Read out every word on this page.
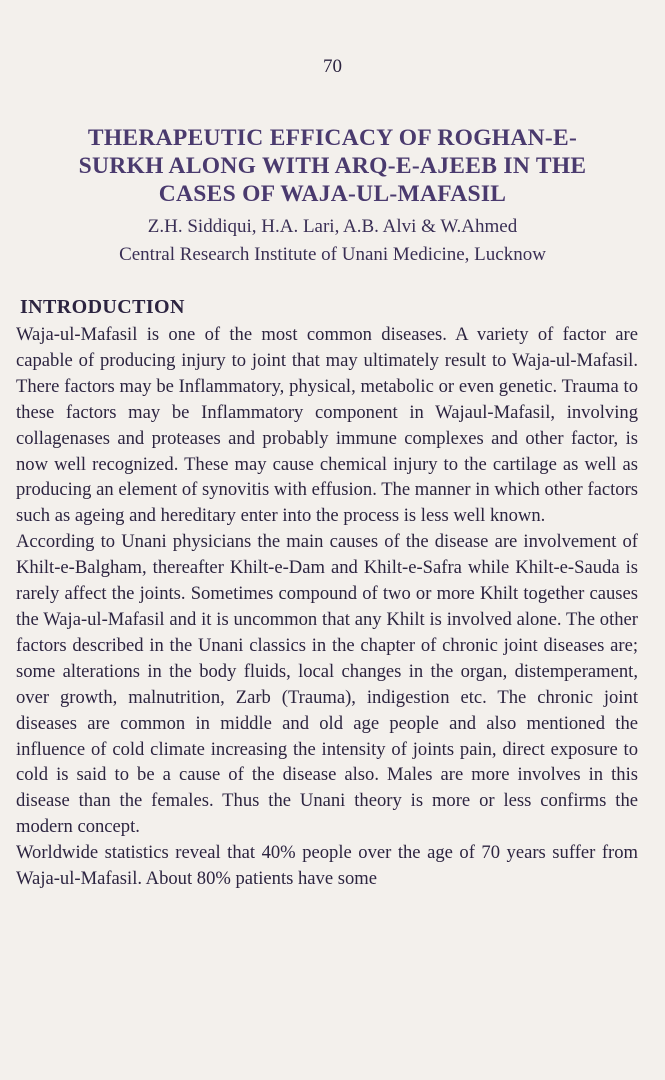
70
THERAPEUTIC EFFICACY OF ROGHAN-E-
SURKH ALONG WITH ARQ-E-AJEEB IN THE
CASES OF WAJA-UL-MAFASIL
Z.H. Siddiqui, H.A. Lari, A.B. Alvi & W.Ahmed
Central Research Institute of Unani Medicine, Lucknow
INTRODUCTION

Waja-ul-Mafasil is one of the most common diseases. A variety of factor are capable of producing injury to joint that may ultimately result to Waja-ul-Mafasil. There factors may be Inflammatory, physical, metabolic or even genetic. Trauma to these factors may be Inflammatory component in Wajaul-Mafasil, involving collagenases and proteases and probably immune complexes and other factor, is now well recognized. These may cause chemical injury to the cartilage as well as producing an element of synovitis with effusion. The manner in which other factors such as ageing and hereditary enter into the process is less well known.

According to Unani physicians the main causes of the disease are involvement of Khilt-e-Balgham, thereafter Khilt-e-Dam and Khilt-e-Safra while Khilt-e-Sauda is rarely affect the joints. Sometimes compound of two or more Khilt together causes the Waja-ul-Mafasil and it is uncommon that any Khilt is involved alone. The other factors described in the Unani classics in the chapter of chronic joint diseases are; some alterations in the body fluids, local changes in the organ, distemperament, over growth, malnutrition, Zarb (Trauma), indigestion etc. The chronic joint diseases are common in middle and old age people and also mentioned the influence of cold climate increasing the intensity of joints pain, direct exposure to cold is said to be a cause of the disease also. Males are more involves in this disease than the females. Thus the Unani theory is more or less confirms the modern concept.

Worldwide statistics reveal that 40% people over the age of 70 years suffer from Waja-ul-Mafasil. About 80% patients have some
